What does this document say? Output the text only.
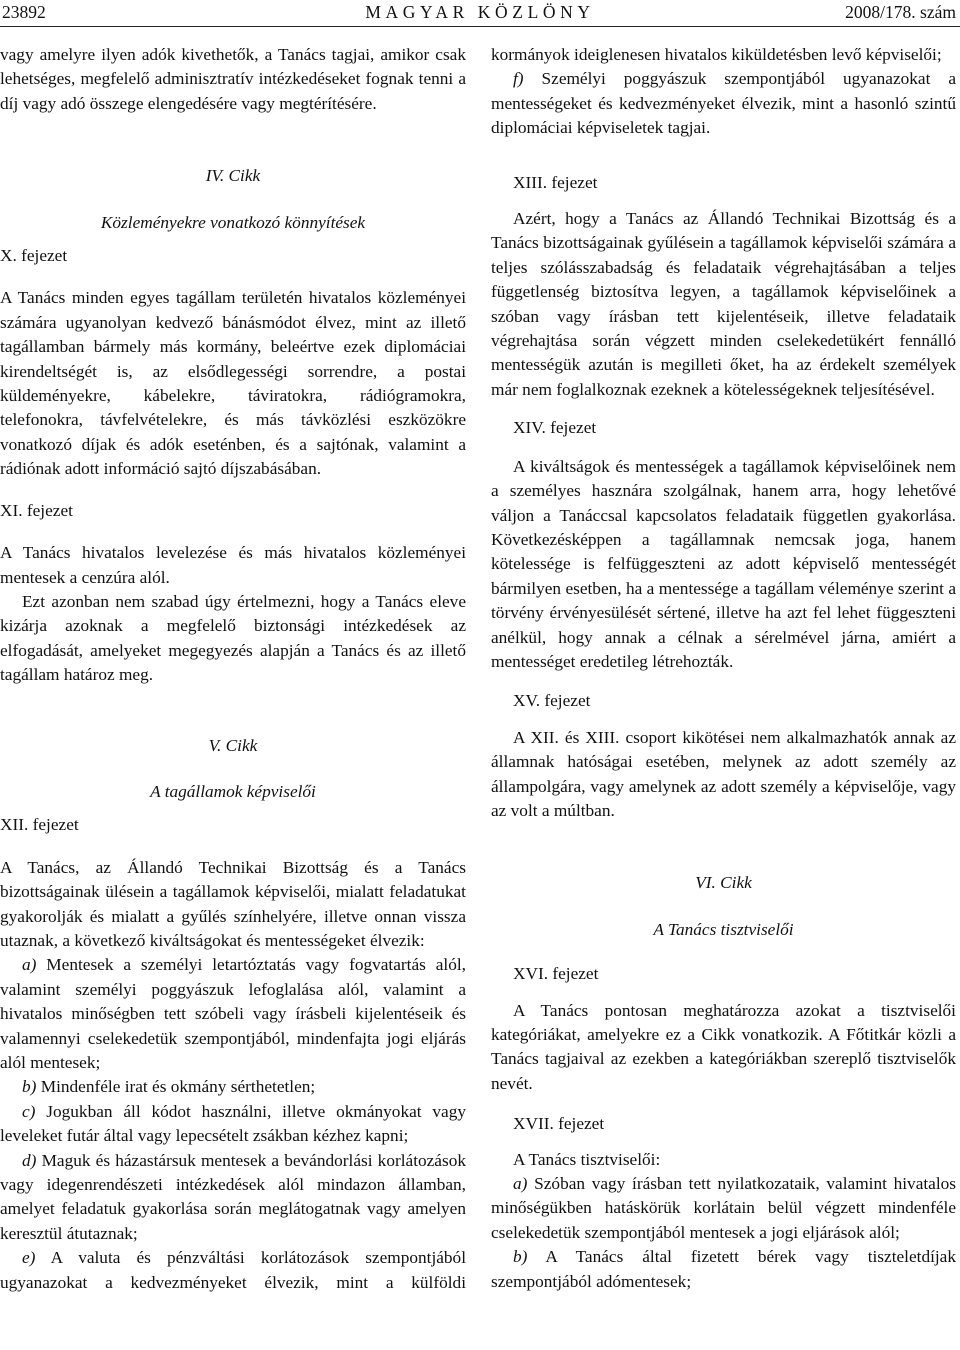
23892	MAGYAR KÖZLÖNY	2008/178. szám

vagy amelyre ilyen adók kivethetők, a Tanács tagjai, amikor csak lehetséges, megfelelő adminisztratív intézkedéseket fognak tenni a díj vagy adó összege elengedésére vagy megtérítésére.

IV. Cikk
Közleményekre vonatkozó könnyítések
X. fejezet

A Tanács minden egyes tagállam területén hivatalos közleményei számára ugyanolyan kedvező bánásmódot élvez, mint az illető tagállamban bármely más kormány, beleértve ezek diplomáciai kirendeltségét is, az elsődlegességi sorrendre, a postai küldeményekre, kábelekre, táviratokra, rádiógramokra, telefonokra, távfelvételekre, és más távközlési eszközökre vonatkozó díjak és adók eseténben, és a sajtónak, valamint a rádiónak adott információ sajtó díjszabásában.

XI. fejezet

A Tanács hivatalos levelezése és más hivatalos közleményei mentesek a cenzúra alól.

Ezt azonban nem szabad úgy értelmezni, hogy a Tanács eleve kizárja azoknak a megfelelő biztonsági intézkedések az elfogadását, amelyeket megegyezés alapján a Tanács és az illető tagállam határoz meg.

V. Cikk
A tagállamok képviselői
XII. fejezet

A Tanács, az Állandó Technikai Bizottság és a Tanács bizottságainak ülésein a tagállamok képviselői, mialatt feladatukat gyakorolják és mialatt a gyűlés színhelyére, illetve onnan vissza utaznak, a következő kiváltságokat és mentességeket élvezik:

a) Mentesek a személyi letartóztatás vagy fogvatartás alól, valamint személyi poggyászuk lefoglalása alól, valamint a hivatalos minőségben tett szóbeli vagy írásbeli kijelentéseik és valamennyi cselekedetük szempontjából, mindenfajta jogi eljárás alól mentesek;

b) Mindenféle irat és okmány sérthetetlen;

c) Jogukban áll kódot használni, illetve okmányokat vagy leveleket futár által vagy lepecsételt zsákban kézhez kapni;

d) Maguk és házastársuk mentesek a bevándorlási korlátozások vagy idegenrendészeti intézkedések alól mindazon államban, amelyet feladatuk gyakorlása során meglátogatnak vagy amelyen keresztül átutaznak;

e) A valuta és pénzváltási korlátozások szempontjából ugyanazokat a kedvezményeket élvezik, mint a külföldi

kormányok ideiglenesen hivatalos kiküldetésben levő képviselői;

f) Személyi poggyászuk szempontjából ugyanazokat a mentességeket és kedvezményeket élvezik, mint a hasonló szintű diplomáciai képviseletek tagjai.

XIII. fejezet

Azért, hogy a Tanács az Állandó Technikai Bizottság és a Tanács bizottságainak gyűlésein a tagállamok képviselői számára a teljes szólásszabadság és feladataik végrehajtásában a teljes függetlenség biztosítva legyen, a tagállamok képviselőinek a szóban vagy írásban tett kijelentéseik, illetve feladataik végrehajtása során végzett minden cselekedetükért fennálló mentességük azután is megilleti őket, ha az érdekelt személyek már nem foglalkoznak ezeknek a kötelességeknek teljesítésével.

XIV. fejezet

A kiváltságok és mentességek a tagállamok képviselőinek nem a személyes hasznára szolgálnak, hanem arra, hogy lehetővé váljon a Tanáccsal kapcsolatos feladataik független gyakorlása. Következésképpen a tagállamnak nemcsak joga, hanem kötelessége is felfüggeszteni az adott képviselő mentességét bármilyen esetben, ha a mentessége a tagállam véleménye szerint a törvény érvényesülését sértené, illetve ha azt fel lehet függeszteni anélkül, hogy annak a célnak a sérelmével járna, amiért a mentességet eredetileg létrehozták.

XV. fejezet

A XII. és XIII. csoport kikötései nem alkalmazhatók annak az államnak hatóságai esetében, melynek az adott személy az állampolgára, vagy amelynek az adott személy a képviselője, vagy az volt a múltban.

VI. Cikk
A Tanács tisztviselői
XVI. fejezet

A Tanács pontosan meghatározza azokat a tisztviselői kategóriákat, amelyekre ez a Cikk vonatkozik. A Főtitkár közli a Tanács tagjaival az ezekben a kategóriákban szereplő tisztviselők nevét.

XVII. fejezet

A Tanács tisztviselői:

a) Szóban vagy írásban tett nyilatkozataik, valamint hivatalos minőségükben hatáskörük korlátain belül végzett mindenféle cselekedetük szempontjából mentesek a jogi eljárások alól;

b) A Tanács által fizetett bérek vagy tiszteletdíjak szempontjából adómentesek;
